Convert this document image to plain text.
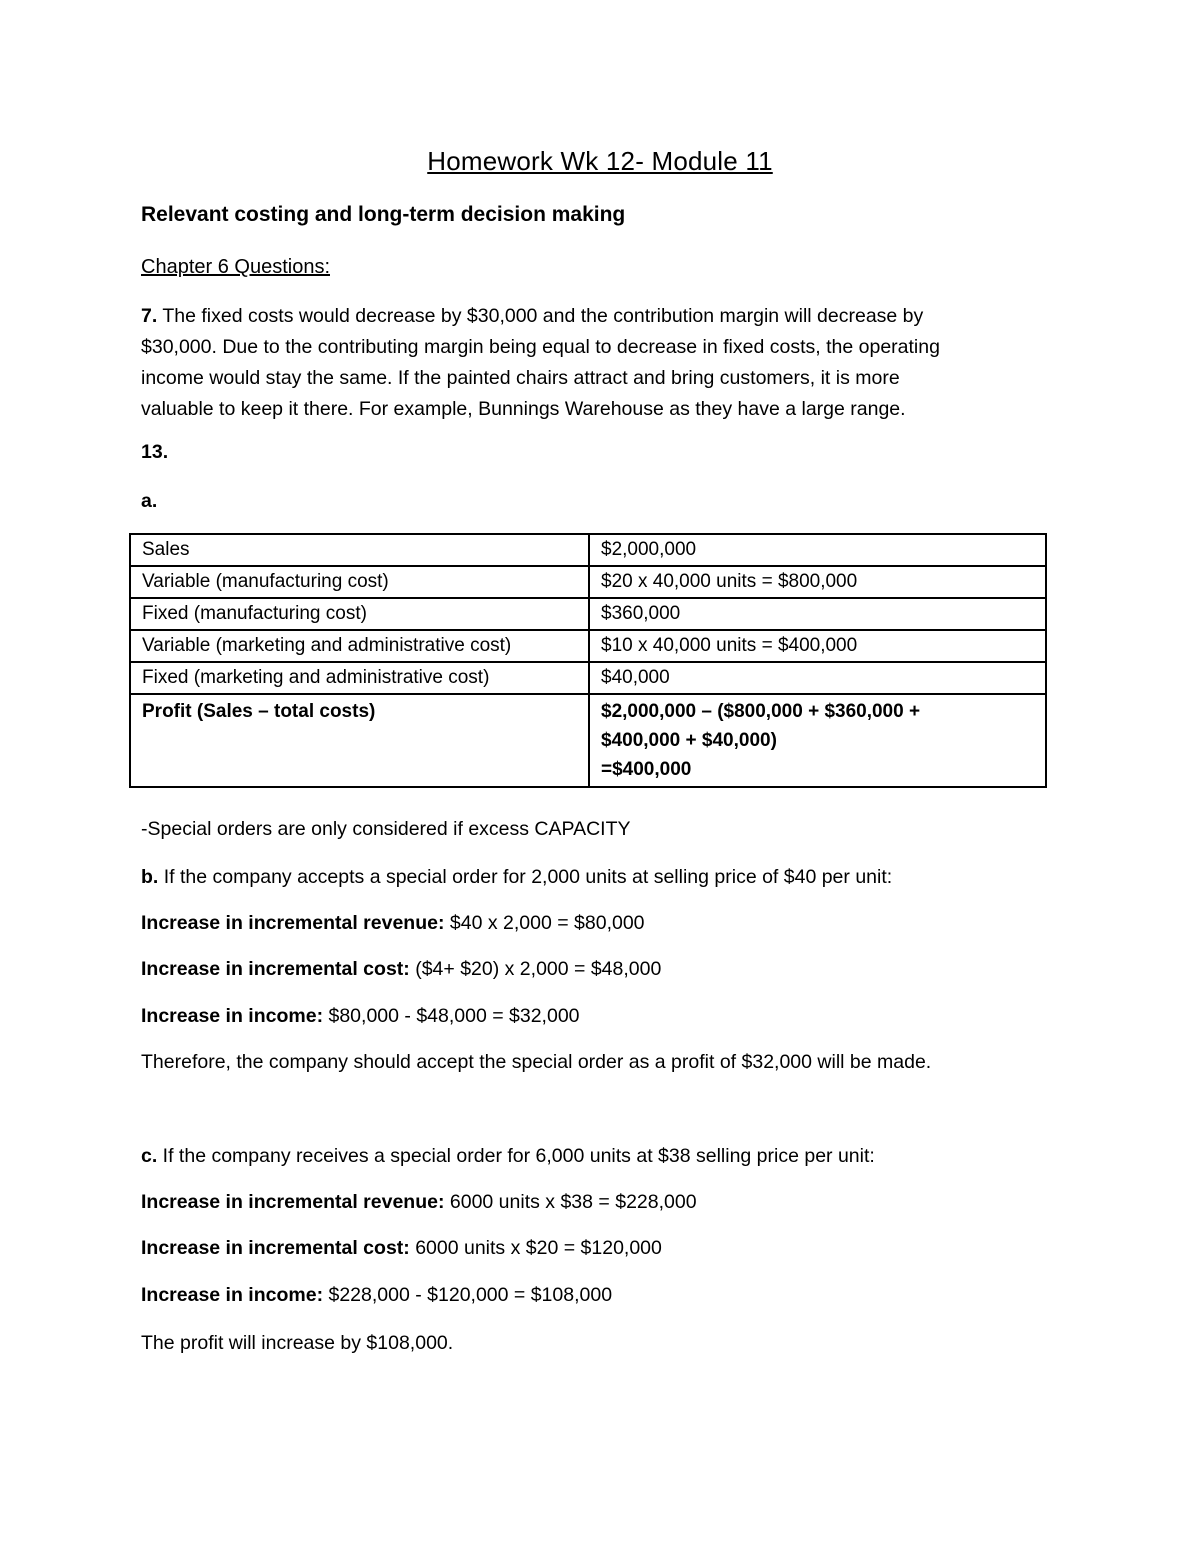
Homework Wk 12- Module 11
Relevant costing and long-term decision making
Chapter 6 Questions:
7. The fixed costs would decrease by $30,000 and the contribution margin will decrease by
$30,000. Due to the contributing margin being equal to decrease in fixed costs, the operating
income would stay the same. If the painted chairs attract and bring customers, it is more
valuable to keep it there. For example, Bunnings Warehouse as they have a large range.
13.
a.
Sales	$2,000,000
Variable (manufacturing cost)	$20 x 40,000 units = $800,000
Fixed (manufacturing cost)	$360,000
Variable (marketing and administrative cost)	$10 x 40,000 units = $400,000
Fixed (marketing and administrative cost)	$40,000
Profit (Sales – total costs)	$2,000,000 – ($800,000 + $360,000 +
$400,000 + $40,000)
=$400,000
-Special orders are only considered if excess CAPACITY
b. If the company accepts a special order for 2,000 units at selling price of $40 per unit:
Increase in incremental revenue: $40 x 2,000 = $80,000
Increase in incremental cost: ($4+ $20) x 2,000 = $48,000
Increase in income: $80,000 - $48,000 = $32,000
Therefore, the company should accept the special order as a profit of $32,000 will be made.
c. If the company receives a special order for 6,000 units at $38 selling price per unit:
Increase in incremental revenue: 6000 units x $38 = $228,000
Increase in incremental cost: 6000 units x $20 = $120,000
Increase in income: $228,000 - $120,000 = $108,000
The profit will increase by $108,000.
